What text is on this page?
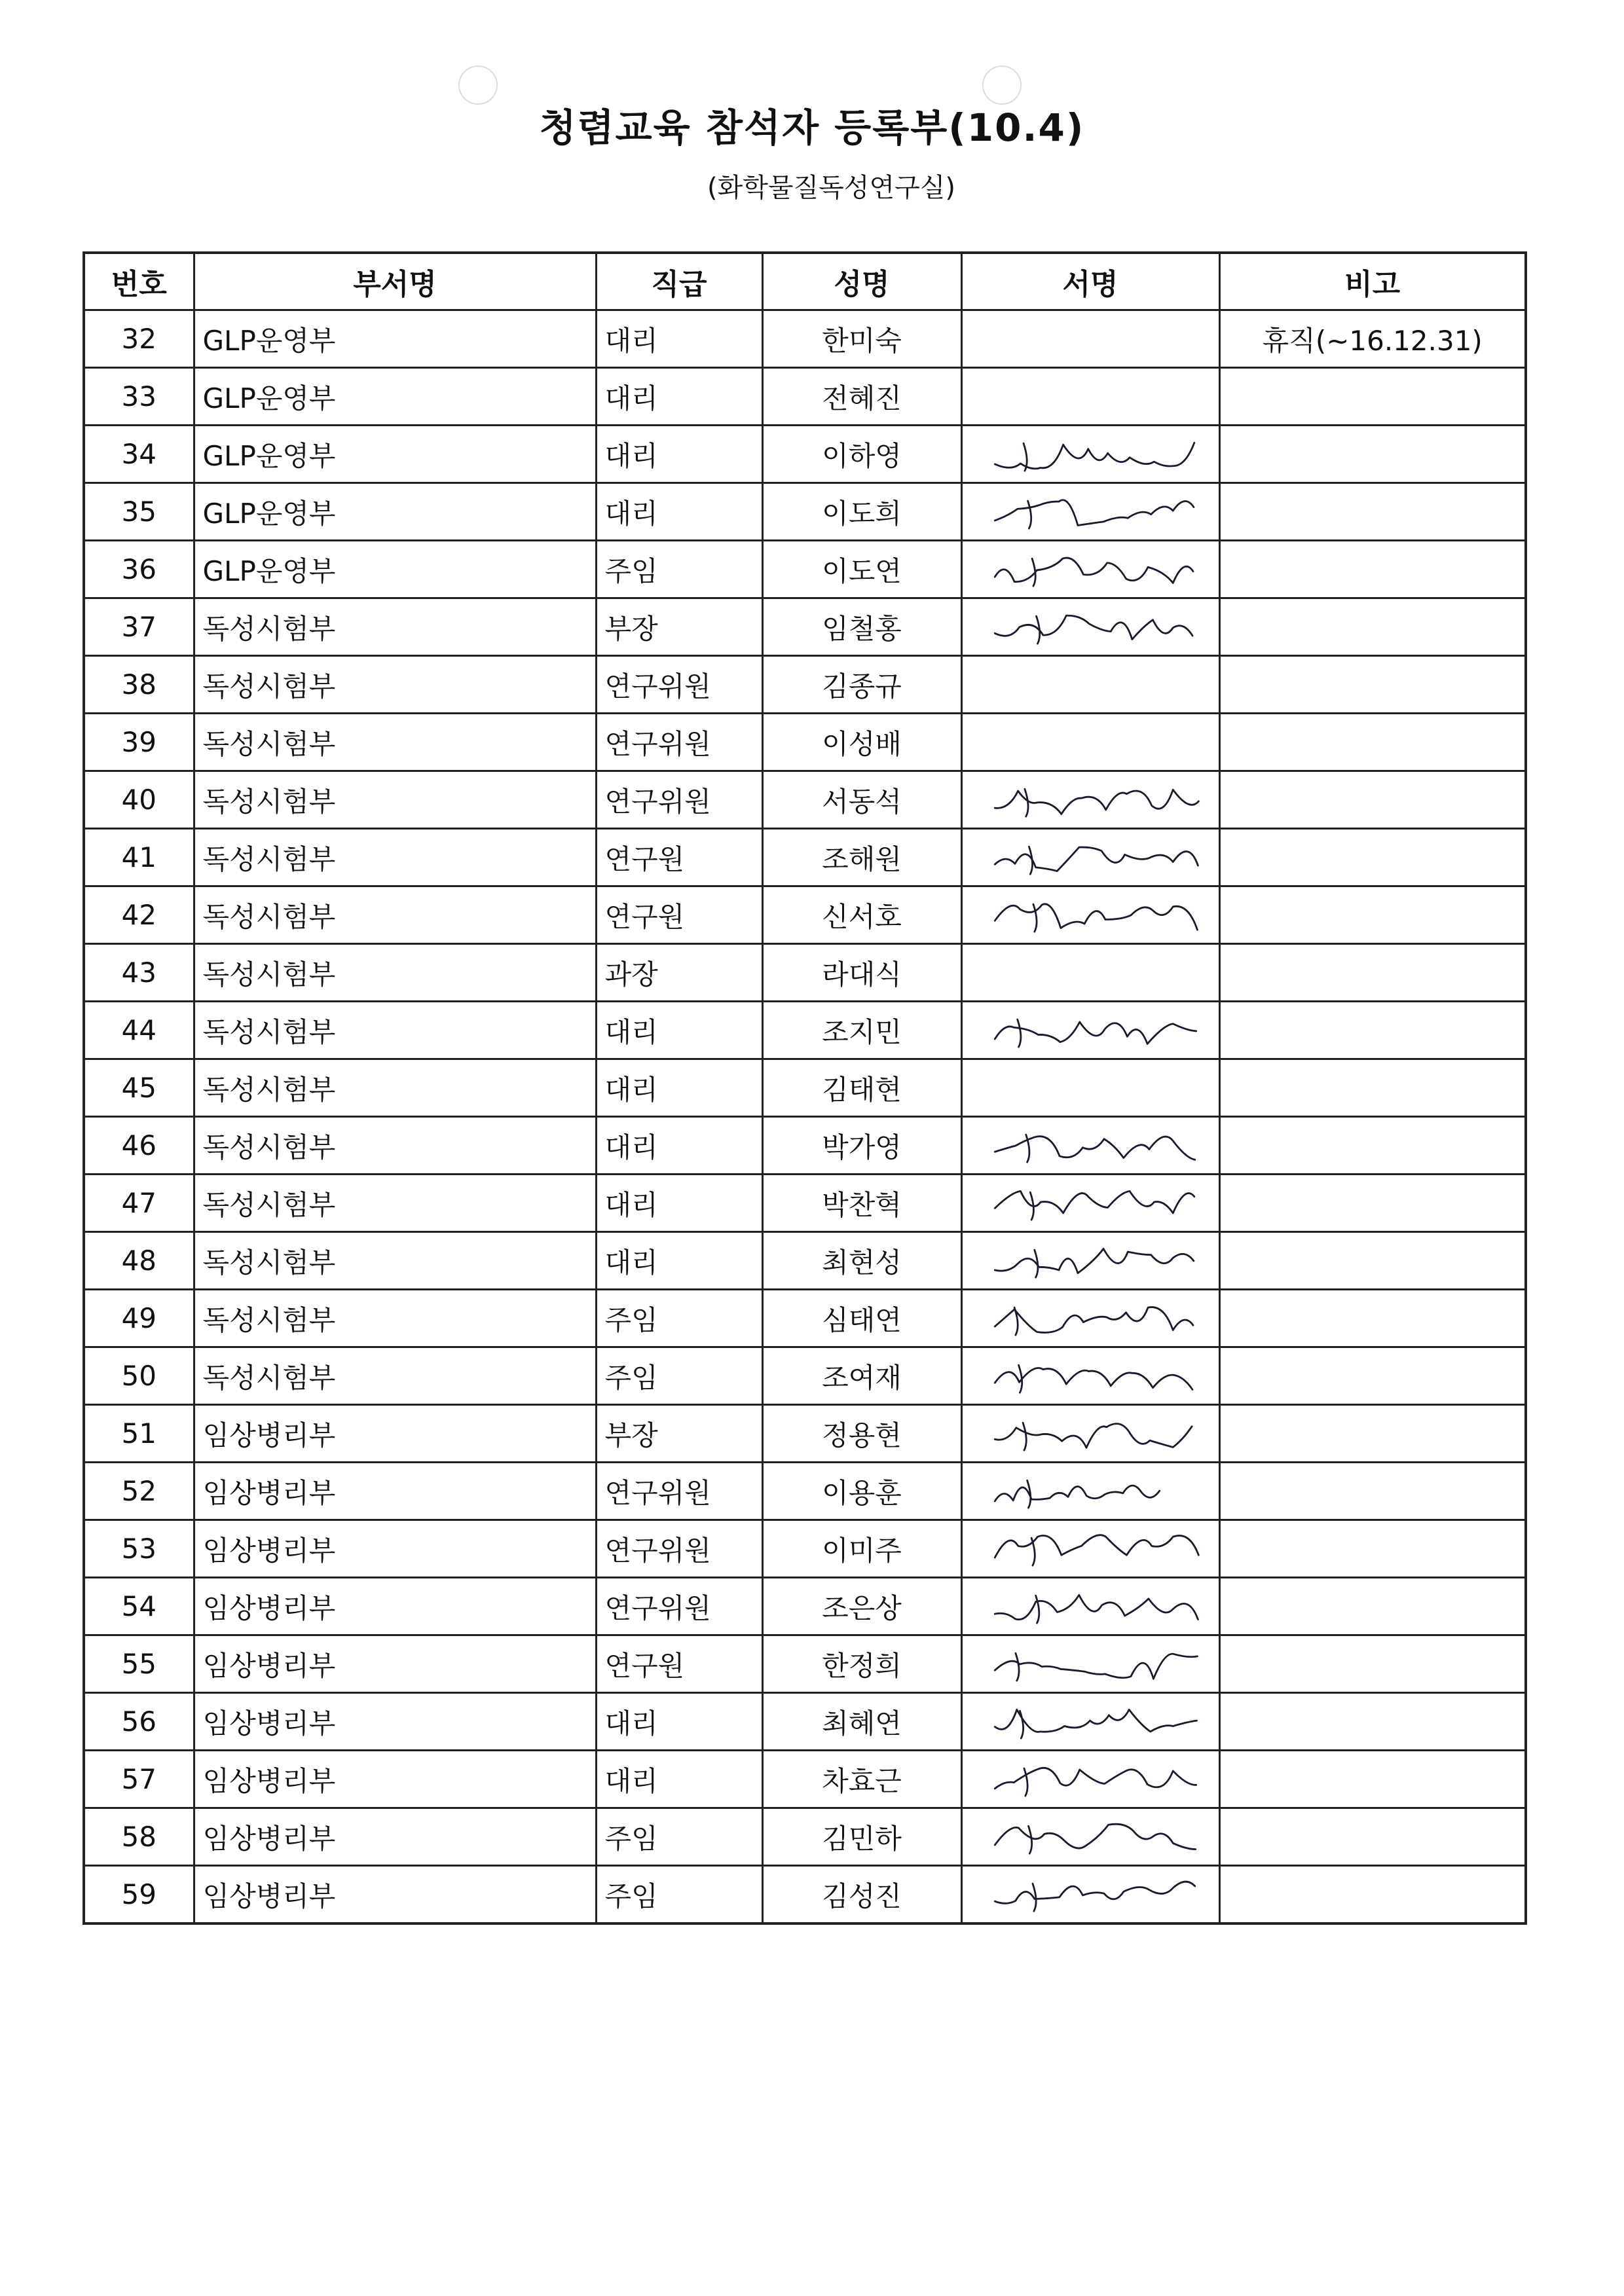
청렴교육 참석자 등록부(10.4)
(화학물질독성연구실)
번호	부서명	직급	성명	서명	비고
32	GLP운영부	대리	한미숙		휴직(~16.12.31)
33	GLP운영부	대리	전혜진		
34	GLP운영부	대리	이하영	

35	GLP운영부	대리	이도희	

36	GLP운영부	주임	이도연	

37	독성시험부	부장	임철홍	

38	독성시험부	연구위원	김종규		
39	독성시험부	연구위원	이성배		
40	독성시험부	연구위원	서동석	

41	독성시험부	연구원	조해원	

42	독성시험부	연구원	신서호	

43	독성시험부	과장	라대식		
44	독성시험부	대리	조지민	

45	독성시험부	대리	김태현		
46	독성시험부	대리	박가영	

47	독성시험부	대리	박찬혁	

48	독성시험부	대리	최현성	

49	독성시험부	주임	심태연	

50	독성시험부	주임	조여재	

51	임상병리부	부장	정용현	

52	임상병리부	연구위원	이용훈	

53	임상병리부	연구위원	이미주	

54	임상병리부	연구위원	조은상	

55	임상병리부	연구원	한정희	

56	임상병리부	대리	최혜연	

57	임상병리부	대리	차효근	

58	임상병리부	주임	김민하	

59	임상병리부	주임	김성진	
